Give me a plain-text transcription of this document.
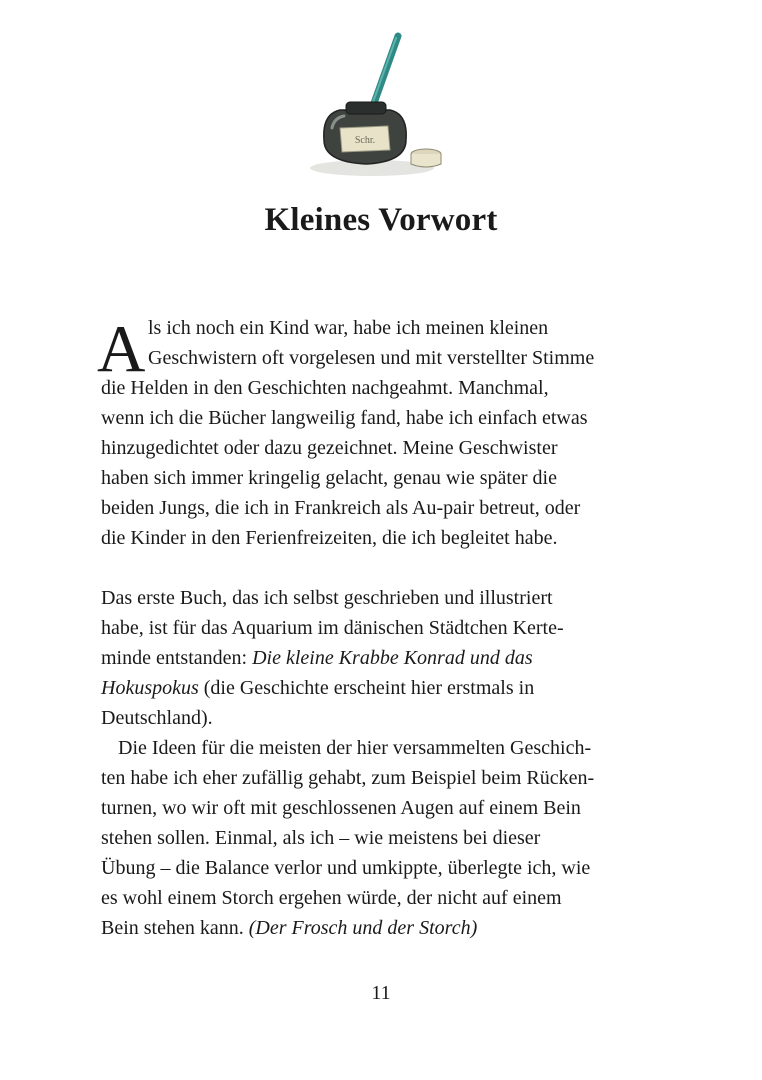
Schr.
Kleines Vorwort
A ls ich noch ein Kind war, habe ich meinen kleinen
Geschwistern oft vorgelesen und mit verstellter Stimme
die Helden in den Geschichten nachgeahmt. Manchmal,
wenn ich die Bücher langweilig fand, habe ich einfach etwas
hinzugedichtet oder dazu gezeichnet. Meine Geschwister
haben sich immer kringelig gelacht, genau wie später die
beiden Jungs, die ich in Frankreich als Au-pair betreut, oder
die Kinder in den Ferienfreizeiten, die ich begleitet habe.
Das erste Buch, das ich selbst geschrieben und illustriert
habe, ist für das Aquarium im dänischen Städtchen Kerte-
minde entstanden: Die kleine Krabbe Konrad und das
Hokuspokus (die Geschichte erscheint hier erstmals in
Deutschland).
Die Ideen für die meisten der hier versammelten Geschich-
ten habe ich eher zufällig gehabt, zum Beispiel beim Rücken-
turnen, wo wir oft mit geschlossenen Augen auf einem Bein
stehen sollen. Einmal, als ich – wie meistens bei dieser
Übung – die Balance verlor und umkippte, überlegte ich, wie
es wohl einem Storch ergehen würde, der nicht auf einem
Bein stehen kann. (Der Frosch und der Storch)
11
